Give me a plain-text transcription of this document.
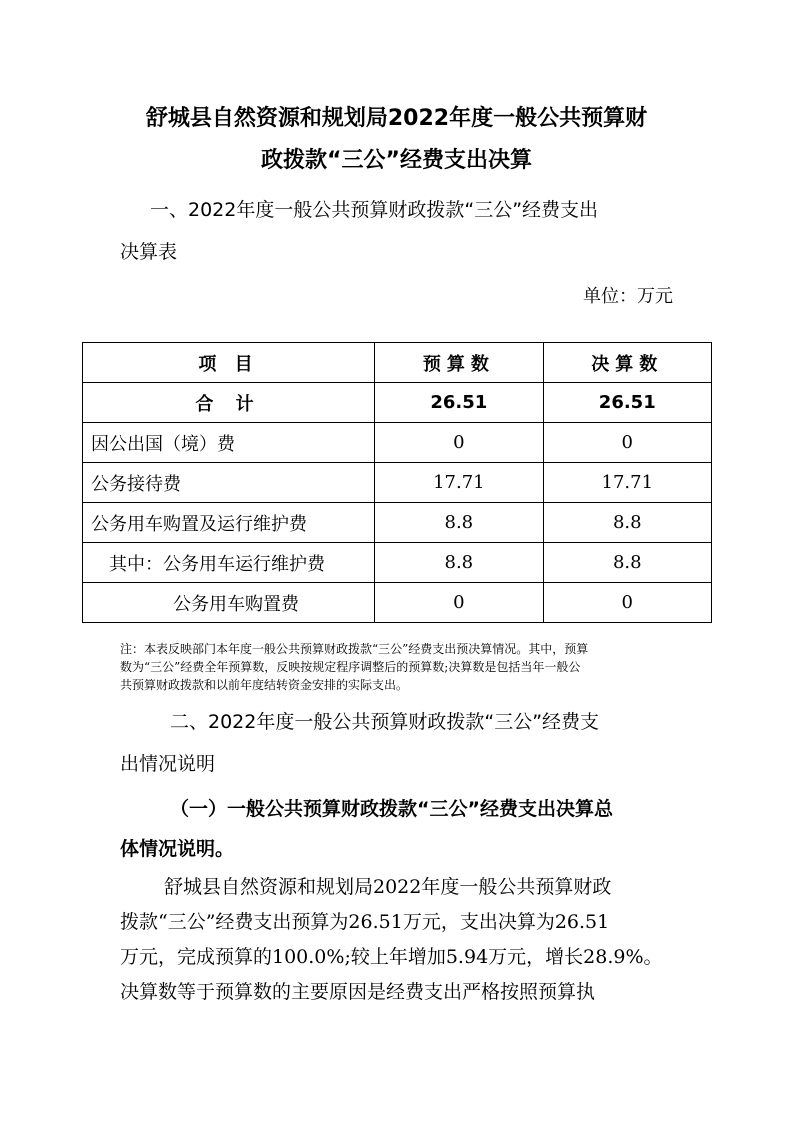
舒城县自然资源和规划局2022年度一般公共预算财
政拨款“三公”经费支出决算
一、2022年度一般公共预算财政拨款“三公”经费支出
决算表
单位：万元
项 目	预算数	决算数
合 计	26.51	26.51
因公出国（境）费	0	0
公务接待费	17.71	17.71
公务用车购置及运行维护费	8.8	8.8
其中：公务用车运行维护费	8.8	8.8
公务用车购置费	0	0
注：本表反映部门本年度一般公共预算财政拨款“三公”经费支出预决算情况。其中，预算
数为“三公”经费全年预算数，反映按规定程序调整后的预算数;决算数是包括当年一般公
共预算财政拨款和以前年度结转资金安排的实际支出。
二、2022年度一般公共预算财政拨款“三公”经费支
出情况说明
（一）一般公共预算财政拨款“三公”经费支出决算总
体情况说明。
舒城县自然资源和规划局2022年度一般公共预算财政
拨款“三公”经费支出预算为26.51万元，支出决算为26.51
万元，完成预算的100.0%;较上年增加5.94万元，增长28.9%。
决算数等于预算数的主要原因是经费支出严格按照预算执
